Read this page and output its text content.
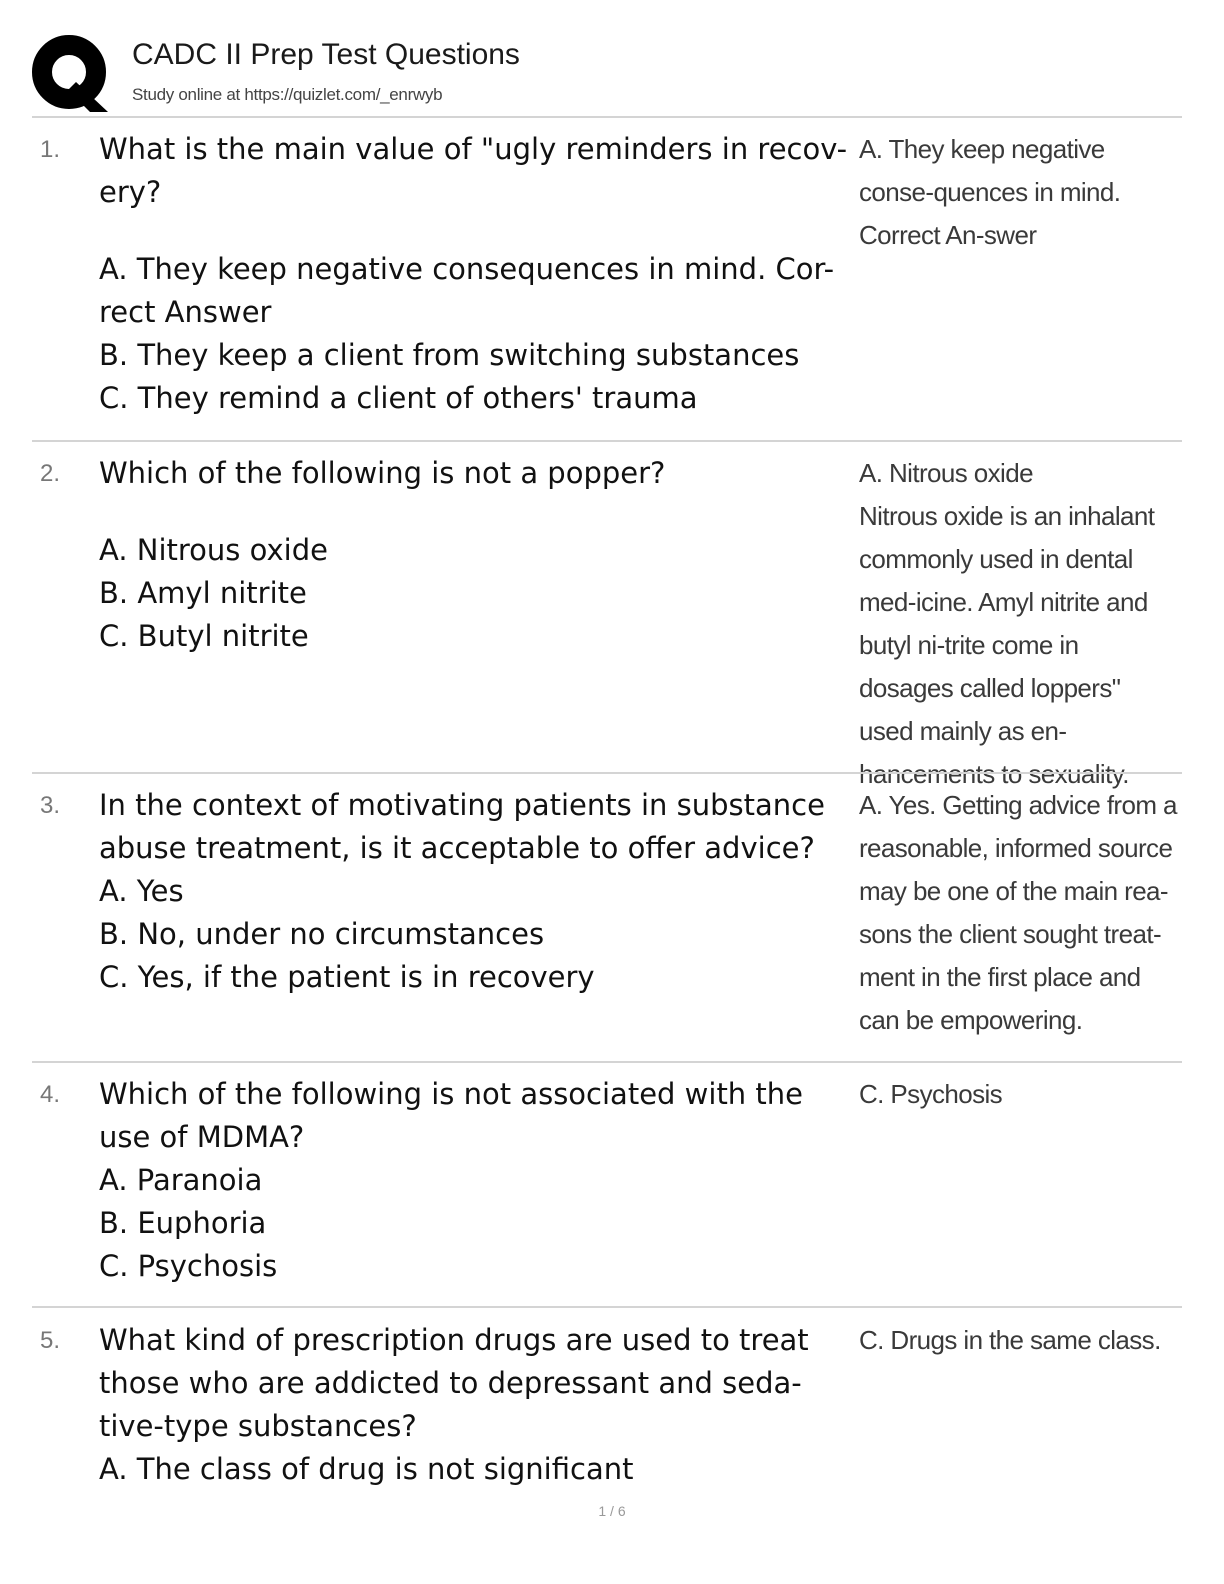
CADC II Prep Test Questions
Study online at https://quizlet.com/_enrwyb
1. What is the main value of "ugly reminders in recov-ery?

A. They keep negative consequences in mind. Cor-rect Answer

B. They keep a client from switching substances

C. They remind a client of others' trauma

A. They keep negative conse-quences in mind. Correct An-swer

2. Which of the following is not a popper?

A. Nitrous oxide

B. Amyl nitrite

C. Butyl nitrite

A. Nitrous oxide

Nitrous oxide is an inhalant commonly used in dental med-icine. Amyl nitrite and butyl ni-trite come in dosages called loppers" used mainly as en-hancements to sexuality.

3. In the context of motivating patients in substance abuse treatment, is it acceptable to offer advice?

A. Yes

B. No, under no circumstances

C. Yes, if the patient is in recovery

A. Yes. Getting advice from a reasonable, informed source may be one of the main rea-sons the client sought treat-ment in the first place and can be empowering.

4. Which of the following is not associated with the use of MDMA?

A. Paranoia

B. Euphoria

C. Psychosis

C. Psychosis

5. What kind of prescription drugs are used to treat those who are addicted to depressant and seda-tive-type substances?

A. The class of drug is not significant

C. Drugs in the same class.

1 / 6
